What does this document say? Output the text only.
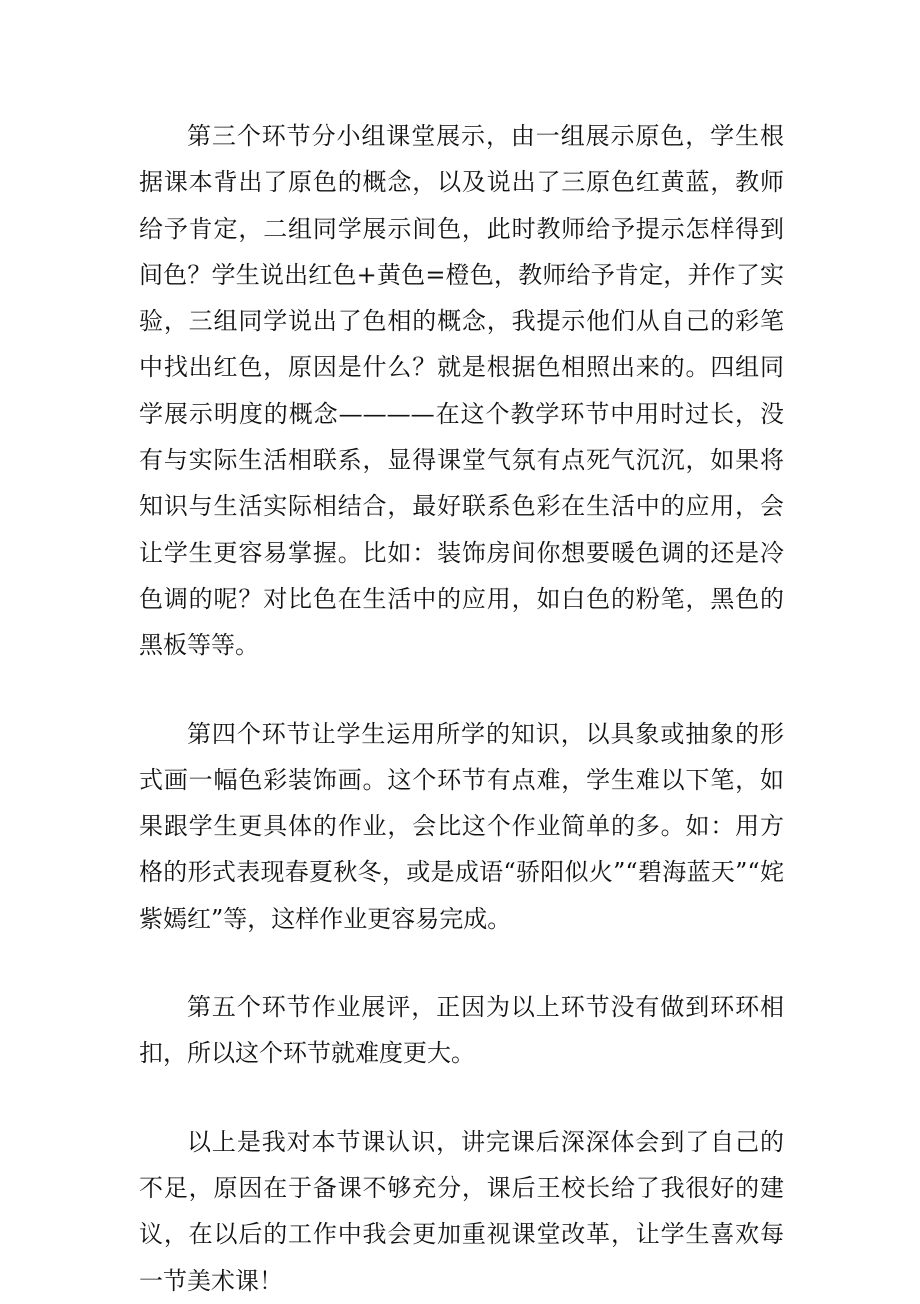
第三个环节分小组课堂展示，由一组展示原色，学生根据课本背出了原色的概念，以及说出了三原色红黄蓝，教师给予肯定，二组同学展示间色，此时教师给予提示怎样得到间色？学生说出红色+黄色=橙色，教师给予肯定，并作了实验，三组同学说出了色相的概念，我提示他们从自己的彩笔中找出红色，原因是什么？就是根据色相照出来的。四组同学展示明度的概念————在这个教学环节中用时过长，没有与实际生活相联系，显得课堂气氛有点死气沉沉，如果将知识与生活实际相结合，最好联系色彩在生活中的应用，会让学生更容易掌握。比如：装饰房间你想要暖色调的还是冷色调的呢？对比色在生活中的应用，如白色的粉笔，黑色的黑板等等。

第四个环节让学生运用所学的知识，以具象或抽象的形式画一幅色彩装饰画。这个环节有点难，学生难以下笔，如果跟学生更具体的作业，会比这个作业简单的多。如：用方格的形式表现春夏秋冬，或是成语“骄阳似火”“碧海蓝天”“姹紫嫣红”等，这样作业更容易完成。

第五个环节作业展评，正因为以上环节没有做到环环相扣，所以这个环节就难度更大。

以上是我对本节课认识，讲完课后深深体会到了自己的不足，原因在于备课不够充分，课后王校长给了我很好的建议，在以后的工作中我会更加重视课堂改革，让学生喜欢每一节美术课！
